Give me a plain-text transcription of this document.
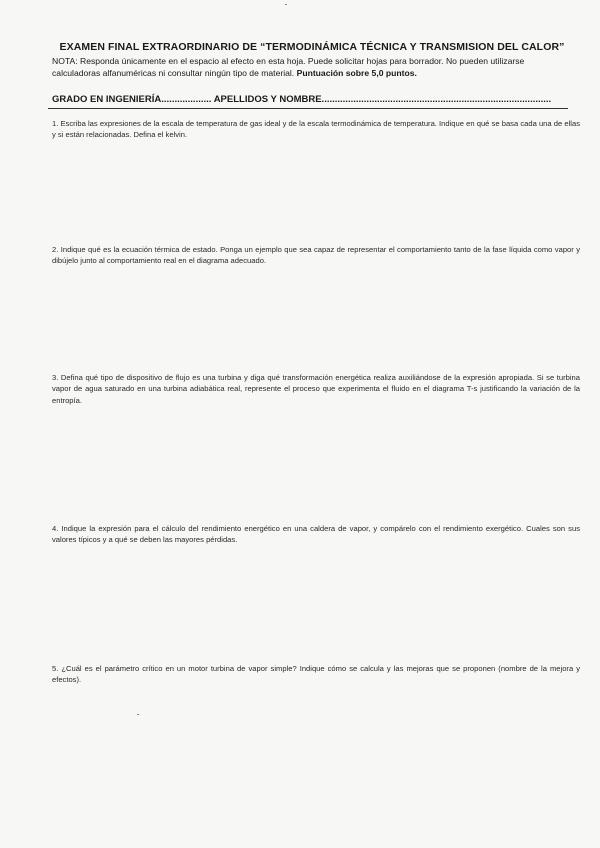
EXAMEN FINAL EXTRAORDINARIO DE “TERMODINÁMICA TÉCNICA Y TRANSMISION DEL CALOR”
NOTA: Responda únicamente en el espacio al efecto en esta hoja. Puede solicitar hojas para borrador. No pueden utilizarse calculadoras alfanuméricas ni consultar ningún tipo de material. Puntuación sobre 5,0 puntos.
GRADO EN INGENIERÍA................... APELLIDOS Y NOMBRE.......................................................................................
1. Escriba las expresiones de la escala de temperatura de gas ideal y de la escala termodinámica de temperatura. Indique en qué se basa cada una de ellas y si están relacionadas. Defina el kelvin.
2. Indique qué es la ecuación térmica de estado. Ponga un ejemplo que sea capaz de representar el comportamiento tanto de la fase líquida como vapor y dibújelo junto al comportamiento real en el diagrama adecuado.
3. Defina qué tipo de dispositivo de flujo es una turbina y diga qué transformación energética realiza auxiliándose de la expresión apropiada. Si se turbina vapor de agua saturado en una turbina adiabática real, represente el proceso que experimenta el fluido en el diagrama T-s justificando la variación de la entropía.
4. Indique la expresión para el cálculo del rendimiento energético en una caldera de vapor, y compárelo con el rendimiento exergético. Cuales son sus valores típicos y a qué se deben las mayores pérdidas.
5. ¿Cuál es el parámetro crítico en un motor turbina de vapor simple? Indique cómo se calcula y las mejoras que se proponen (nombre de la mejora y efectos).
